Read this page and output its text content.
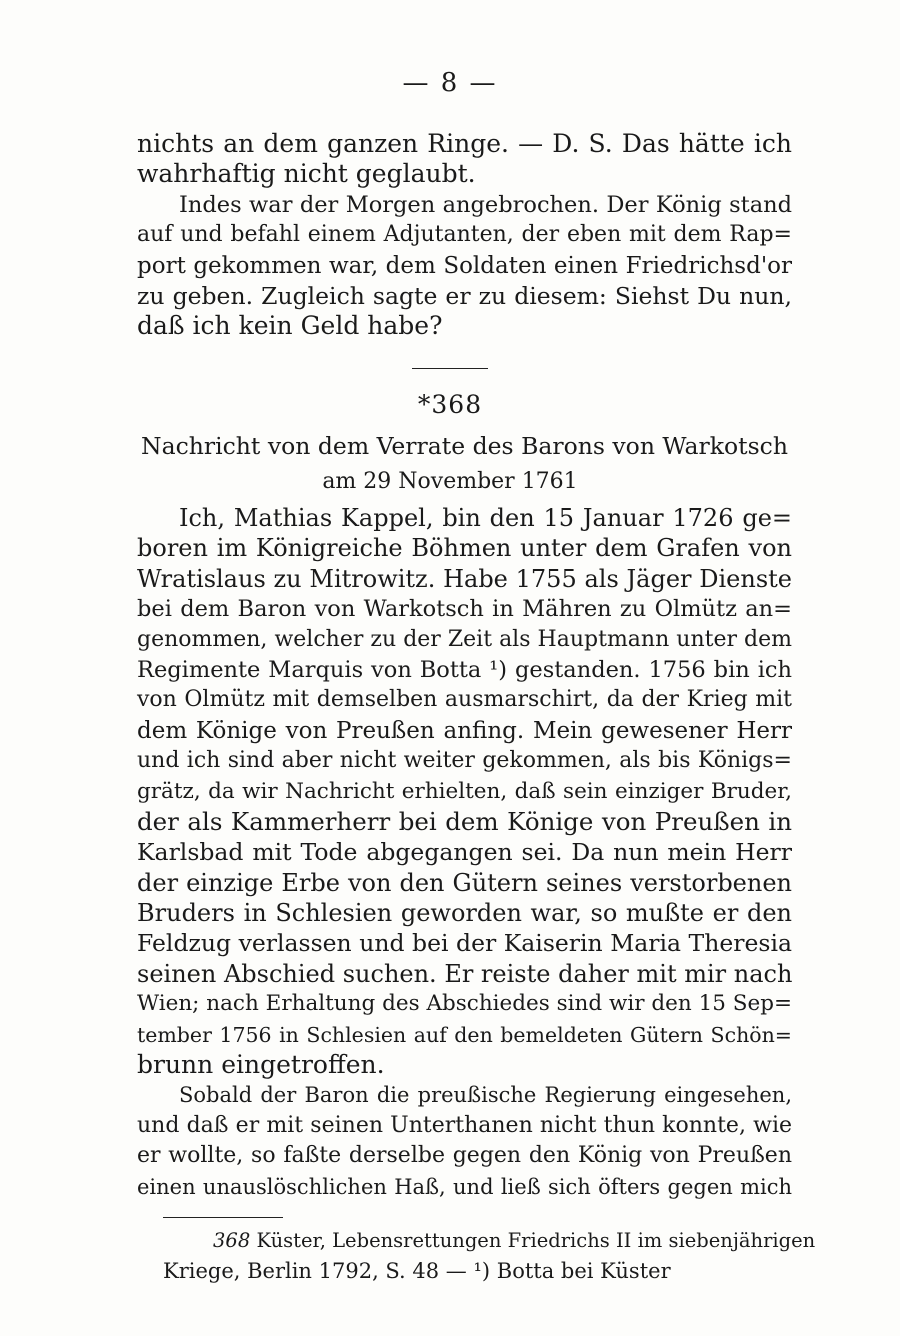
— 8 —
nichts an dem ganzen Ringe. — D. S. Das hätte ich
wahrhaftig nicht geglaubt.
Indes war der Morgen angebrochen. Der König stand
auf und befahl einem Adjutanten, der eben mit dem Rap=
port gekommen war, dem Soldaten einen Friedrichsd'or
zu geben. Zugleich sagte er zu diesem: Siehst Du nun,
daß ich kein Geld habe?
*368
Nachricht von dem Verrate des Barons von Warkotsch
am 29 November 1761
Ich, Mathias Kappel, bin den 15 Januar 1726 ge=
boren im Königreiche Böhmen unter dem Grafen von
Wratislaus zu Mitrowitz. Habe 1755 als Jäger Dienste
bei dem Baron von Warkotsch in Mähren zu Olmütz an=
genommen, welcher zu der Zeit als Hauptmann unter dem
Regimente Marquis von Botta ¹) gestanden. 1756 bin ich
von Olmütz mit demselben ausmarschirt, da der Krieg mit
dem Könige von Preußen anfing. Mein gewesener Herr
und ich sind aber nicht weiter gekommen, als bis Königs=
grätz, da wir Nachricht erhielten, daß sein einziger Bruder,
der als Kammerherr bei dem Könige von Preußen in
Karlsbad mit Tode abgegangen sei. Da nun mein Herr
der einzige Erbe von den Gütern seines verstorbenen
Bruders in Schlesien geworden war, so mußte er den
Feldzug verlassen und bei der Kaiserin Maria Theresia
seinen Abschied suchen. Er reiste daher mit mir nach
Wien; nach Erhaltung des Abschiedes sind wir den 15 Sep=
tember 1756 in Schlesien auf den bemeldeten Gütern Schön=
brunn eingetroffen.
Sobald der Baron die preußische Regierung eingesehen,
und daß er mit seinen Unterthanen nicht thun konnte, wie
er wollte, so faßte derselbe gegen den König von Preußen
einen unauslöschlichen Haß, und ließ sich öfters gegen mich
368 Küster, Lebensrettungen Friedrichs II im siebenjährigen
Kriege, Berlin 1792, S. 48 — ¹) Botta bei Küster
